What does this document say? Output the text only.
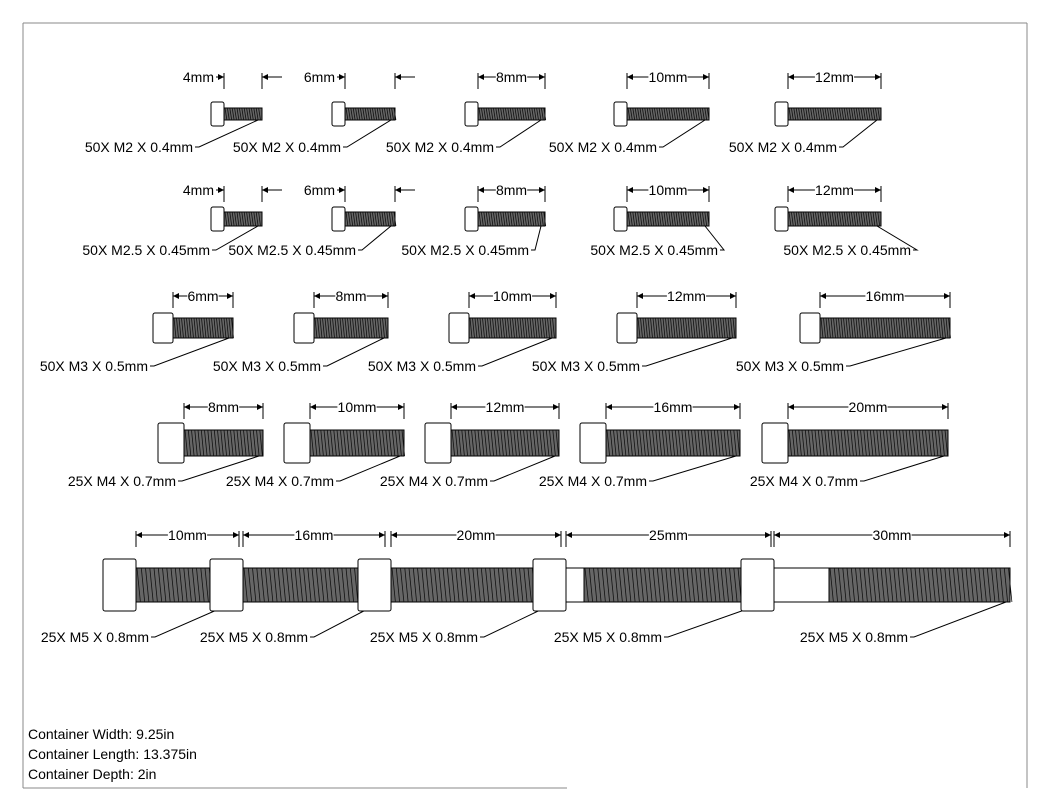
4mm
50X M2 X 0.4mm
6mm
50X M2 X 0.4mm
8mm
50X M2 X 0.4mm
10mm
50X M2 X 0.4mm
12mm
50X M2 X 0.4mm
4mm
50X M2.5 X 0.45mm
6mm
50X M2.5 X 0.45mm
8mm
50X M2.5 X 0.45mm
10mm
50X M2.5 X 0.45mm
12mm
50X M2.5 X 0.45mm
6mm
50X M3 X 0.5mm
8mm
50X M3 X 0.5mm
10mm
50X M3 X 0.5mm
12mm
50X M3 X 0.5mm
16mm
50X M3 X 0.5mm
8mm
25X M4 X 0.7mm
10mm
25X M4 X 0.7mm
12mm
25X M4 X 0.7mm
16mm
25X M4 X 0.7mm
20mm
25X M4 X 0.7mm
10mm
25X M5 X 0.8mm
16mm
25X M5 X 0.8mm
20mm
25X M5 X 0.8mm
25mm
25X M5 X 0.8mm
30mm
25X M5 X 0.8mm
Container Width: 9.25in
Container Length: 13.375in
Container Depth: 2in
